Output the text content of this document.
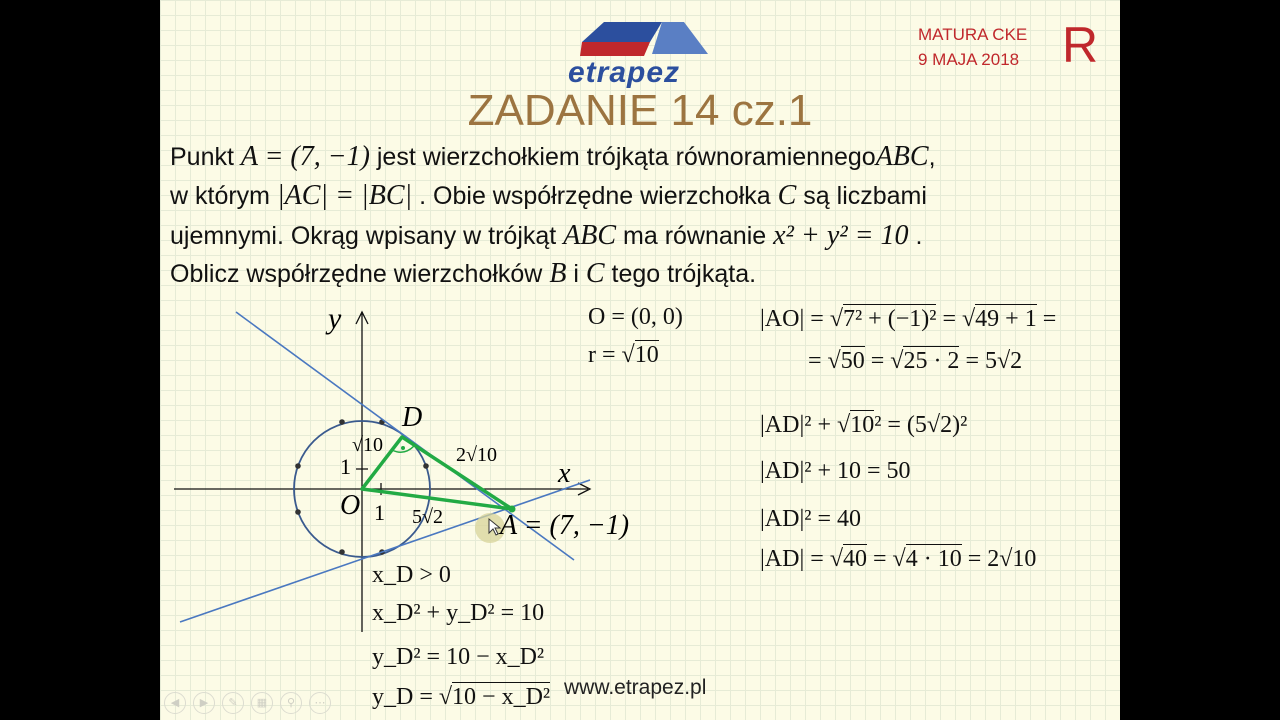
etrapez
MATURA CKE
9 MAJA 2018 R
ZADANIE 14 cz.1
Punkt A = (7, −1) jest wierzchołkiem trójkąta równoramiennegoABC,
w którym |AC| = |BC| . Obie współrzędne wierzchołka C są liczbami
ujemnymi. Okrąg wpisany w trójkąt ABC ma równanie x² + y² = 10 .
Oblicz współrzędne wierzchołków B i C tego trójkąta.
y
x
D
O 1
1
√10	2√10
5√2 A = (7, −1)
O = (0, 0)
r = √10
|AO| = √7² + (−1)² = √49 + 1 =
= √50 = √25 · 2 = 5√2
|AD|² + √10² = (5√2)²
|AD|² + 10 = 50
|AD|² = 40
|AD| = √40 = √4 · 10 = 2√10
x_D > 0
x_D² + y_D² = 10
y_D² = 10 − x_D²
y_D = √10 − x_D² www.etrapez.pl
◀ ▶ ✎ ▦ ⚲ ⋯
